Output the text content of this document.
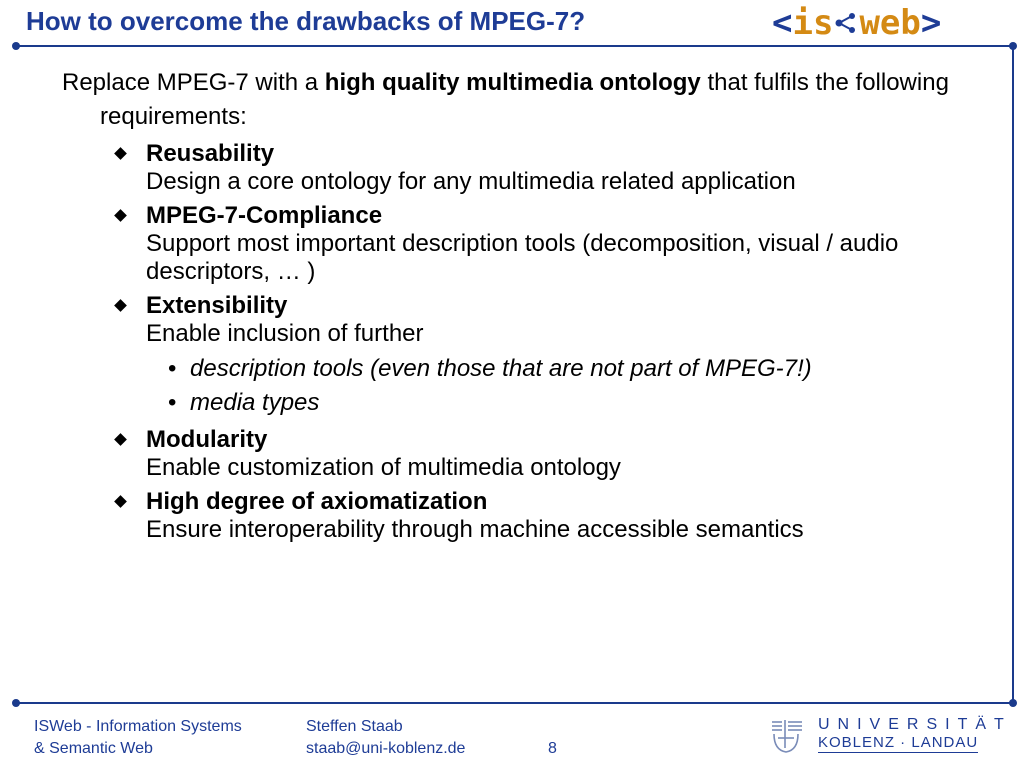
How to overcome the drawbacks of MPEG-7?	< is web >

Replace MPEG-7 with a high quality multimedia ontology that fulfils the following requirements:

Reusability
Design a core ontology for any multimedia related application
MPEG-7-Compliance
Support most important description tools (decomposition, visual / audio descriptors, … )
Extensibility
Enable inclusion of further
• description tools (even those that are not part of MPEG-7!)
• media types
Modularity
Enable customization of multimedia ontology
High degree of axiomatization
Ensure interoperability through machine accessible semantics
ISWeb - Information Systems
& Semantic Web
Steffen Staab
staab@uni-koblenz.de	8
UNIVERSITÄT
KOBLENZ · LANDAU
